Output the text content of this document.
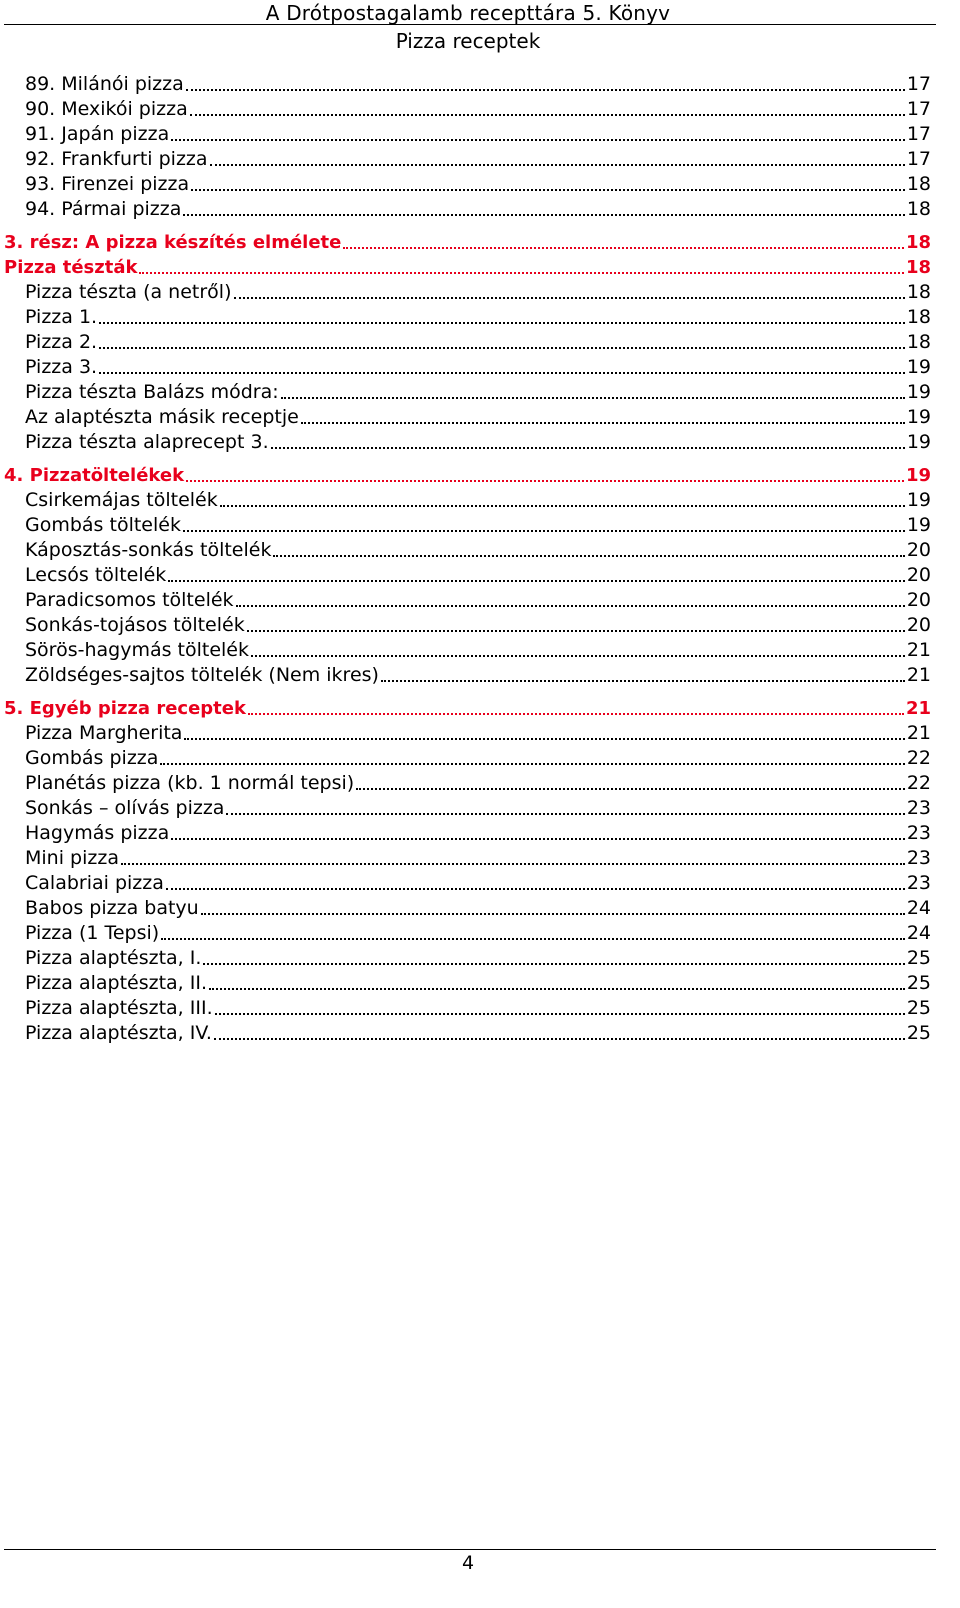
A Drótpostagalamb recepttára 5. Könyv
Pizza receptek
89. Milánói pizza	17
90. Mexikói pizza	17
91. Japán pizza	17
92. Frankfurti pizza	17
93. Firenzei pizza	18
94. Pármai pizza	18
3. rész: A pizza készítés elmélete	18
Pizza tészták	18
Pizza tészta (a netről)	18
Pizza 1.	18
Pizza 2.	18
Pizza 3.	19
Pizza tészta Balázs módra:	19
Az alaptészta másik receptje	19
Pizza tészta alaprecept 3.	19
4. Pizzatöltelékek	19
Csirkemájas töltelék	19
Gombás töltelék	19
Káposztás-sonkás töltelék	20
Lecsós töltelék	20
Paradicsomos töltelék	20
Sonkás-tojásos töltelék	20
Sörös-hagymás töltelék	21
Zöldséges-sajtos töltelék (Nem ikres)	21
5. Egyéb pizza receptek	21
Pizza Margherita	21
Gombás pizza	22
Planétás pizza (kb. 1 normál tepsi)	22
Sonkás – olívás pizza	23
Hagymás pizza	23
Mini pizza	23
Calabriai pizza	23
Babos pizza batyu	24
Pizza (1 Tepsi)	24
Pizza alaptészta, I.	25
Pizza alaptészta, II.	25
Pizza alaptészta, III.	25
Pizza alaptészta, IV.	25
4
